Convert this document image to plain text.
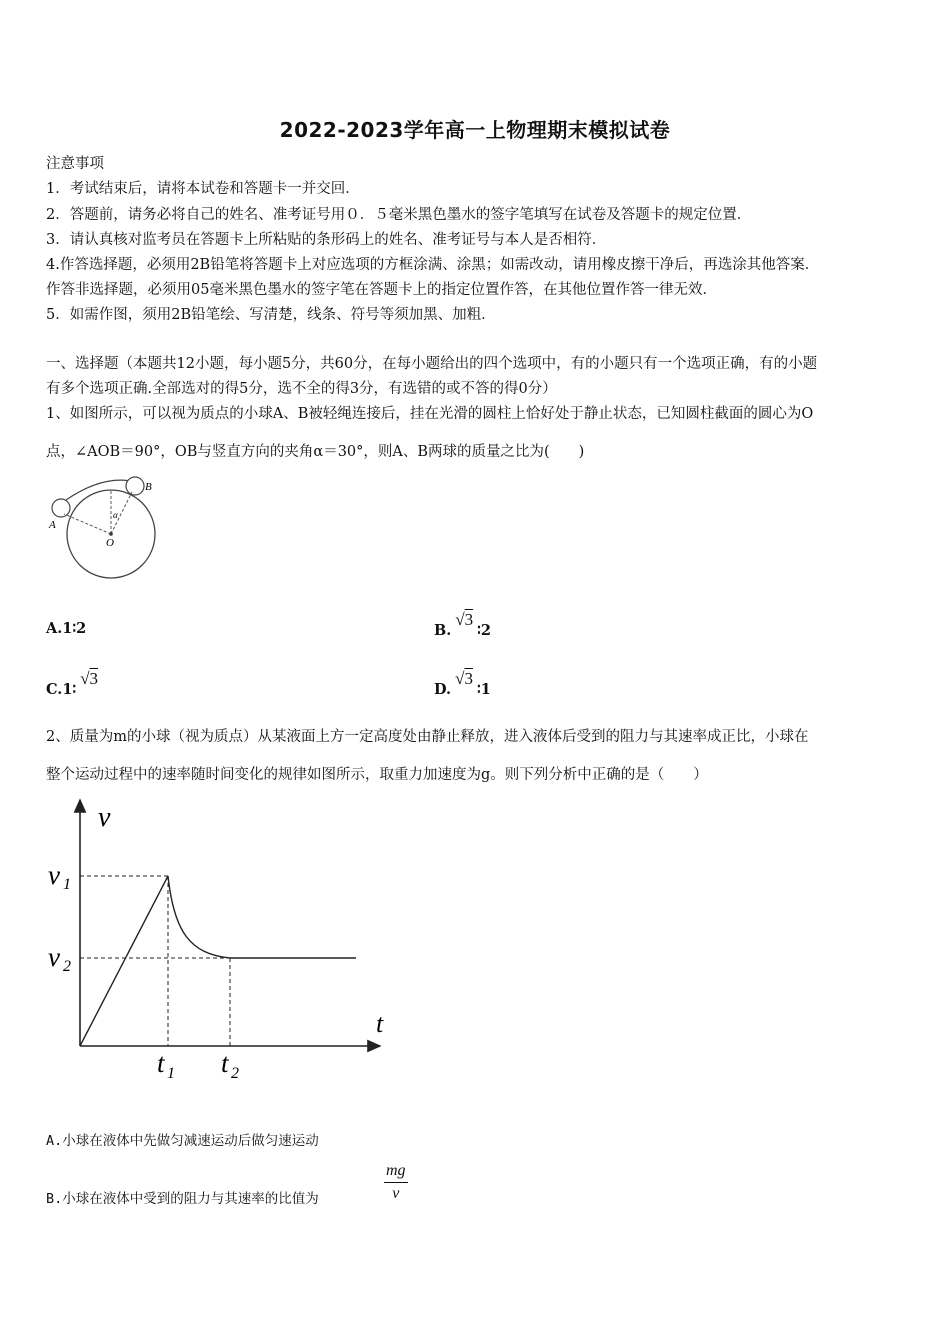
2022-2023学年高一上物理期末模拟试卷
注意事项
1．考试结束后，请将本试卷和答题卡一并交回．
2．答题前，请务必将自己的姓名、准考证号用０．５毫米黑色墨水的签字笔填写在试卷及答题卡的规定位置．
3．请认真核对监考员在答题卡上所粘贴的条形码上的姓名、准考证号与本人是否相符．
4.作答选择题，必须用2B铅笔将答题卡上对应选项的方框涂满、涂黑；如需改动，请用橡皮擦干净后，再选涂其他答案．
作答非选择题，必须用05毫米黑色墨水的签字笔在答题卡上的指定位置作答，在其他位置作答一律无效．
5．如需作图，须用2B铅笔绘、写清楚，线条、符号等须加黑、加粗．
一、选择题（本题共12小题，每小题5分，共60分，在每小题给出的四个选项中，有的小题只有一个选项正确，有的小题
有多个选项正确.全部选对的得5分，选不全的得3分，有选错的或不答的得0分）
1、如图所示，可以视为质点的小球A、B被轻绳连接后，挂在光滑的圆柱上恰好处于静止状态，已知圆柱截面的圆心为O
点，∠AOB＝90°，OB与竖直方向的夹角α＝30°，则A、B两球的质量之比为(　　)
A
B
O
α
A.1∶2	B.√3∶2
C.1∶√3
D.√3∶1
2、质量为m的小球（视为质点）从某液面上方一定高度处由静止释放，进入液体后受到的阻力与其速率成正比，小球在
整个运动过程中的速率随时间变化的规律如图所示，取重力加速度为g。则下列分析中正确的是（　　）
v
t
v 1
v 2
t 1 t 2
A.小球在液体中先做匀减速运动后做匀速运动
B.小球在液体中受到的阻力与其速率的比值为
mg
v
